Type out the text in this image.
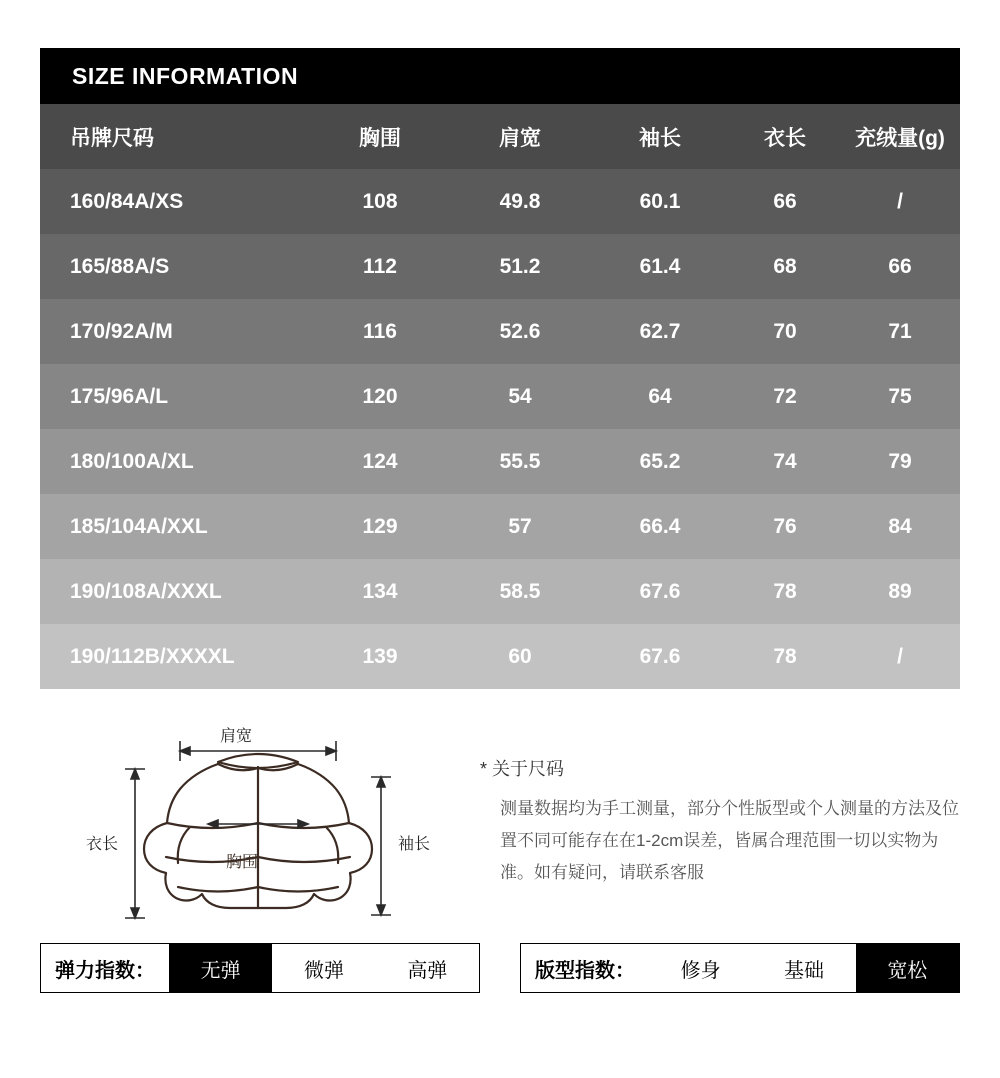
SIZE INFORMATION
吊牌尺码	胸围	肩宽	袖长	衣长	充绒量(g)
160/84A/XS	108	49.8	60.1	66	/
165/88A/S	112	51.2	61.4	68	66
170/92A/M	116	52.6	62.7	70	71
175/96A/L	120	54	64	72	75
180/100A/XL	124	55.5	65.2	74	79
185/104A/XXL	129	57	66.4	76	84
190/108A/XXXL	134	58.5	67.6	78	89
190/112B/XXXXL	139	60	67.6	78	/
肩宽
衣长	袖长
胸围
* 关于尺码
测量数据均为手工测量，部分个性版型或个人测量的方法及位置不同可能存在在1-2cm误差，皆属合理范围一切以实物为准。如有疑问，请联系客服
弹力指数：	无弹	微弹	高弹	版型指数：	修身	基础	宽松
